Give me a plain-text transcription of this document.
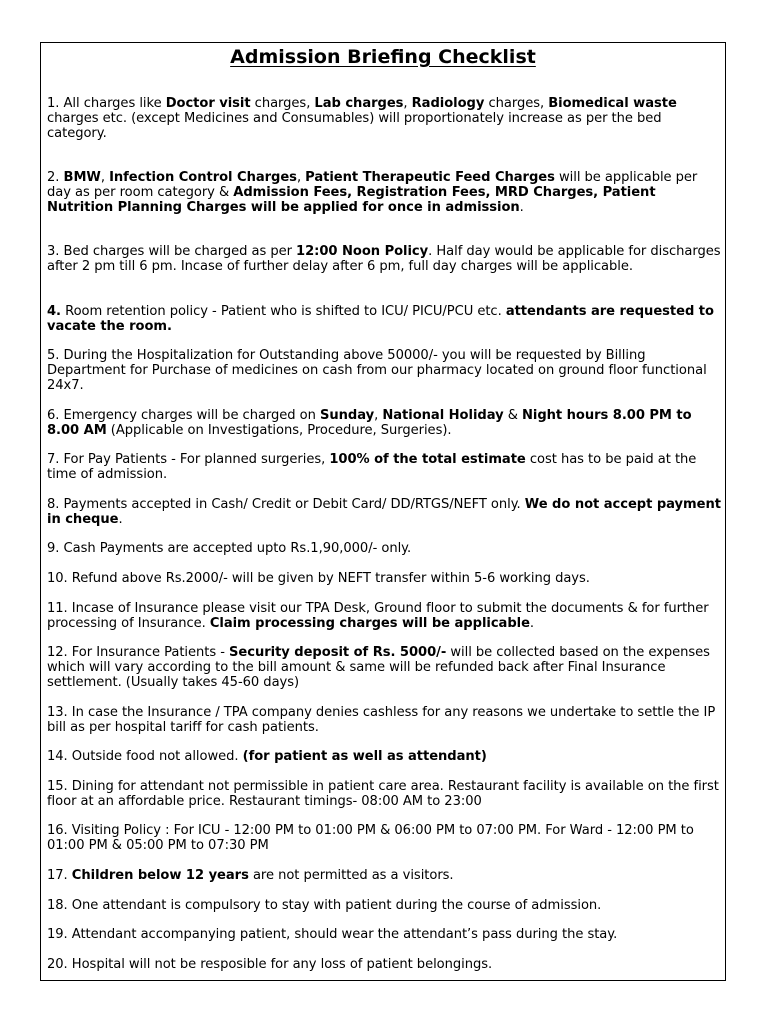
Admission Briefing Checklist
1. All charges like Doctor visit charges, Lab charges, Radiology charges, Biomedical waste charges etc. (except Medicines and Consumables) will proportionately increase as per the bed category.
2. BMW, Infection Control Charges, Patient Therapeutic Feed Charges will be applicable per day as per room category & Admission Fees, Registration Fees, MRD Charges, Patient Nutrition Planning Charges will be applied for once in admission.
3. Bed charges will be charged as per 12:00 Noon Policy. Half day would be applicable for discharges after 2 pm till 6 pm. Incase of further delay after 6 pm, full day charges will be applicable.
4. Room retention policy - Patient who is shifted to ICU/ PICU/PCU etc. attendants are requested to vacate the room.
5. During the Hospitalization for Outstanding above 50000/- you will be requested by Billing Department for Purchase of medicines on cash from our pharmacy located on ground floor functional 24x7.
6. Emergency charges will be charged on Sunday, National Holiday & Night hours 8.00 PM to 8.00 AM (Applicable on Investigations, Procedure, Surgeries).
7. For Pay Patients - For planned surgeries, 100% of the total estimate cost has to be paid at the time of admission.
8. Payments accepted in Cash/ Credit or Debit Card/ DD/RTGS/NEFT only. We do not accept payment in cheque.
9. Cash Payments are accepted upto Rs.1,90,000/- only.
10. Refund above Rs.2000/- will be given by NEFT transfer within 5-6 working days.
11. Incase of Insurance please visit our TPA Desk, Ground floor to submit the documents & for further processing of Insurance. Claim processing charges will be applicable.
12. For Insurance Patients - Security deposit of Rs. 5000/- will be collected based on the expenses which will vary according to the bill amount & same will be refunded back after Final Insurance settlement. (Usually takes 45-60 days)
13. In case the Insurance / TPA company denies cashless for any reasons we undertake to settle the IP bill as per hospital tariff for cash patients.
14. Outside food not allowed. (for patient as well as attendant)
15. Dining for attendant not permissible in patient care area. Restaurant facility is available on the first floor at an affordable price. Restaurant timings- 08:00 AM to 23:00
16. Visiting Policy : For ICU - 12:00 PM to 01:00 PM & 06:00 PM to 07:00 PM. For Ward - 12:00 PM to 01:00 PM & 05:00 PM to 07:30 PM
17. Children below 12 years are not permitted as a visitors.
18. One attendant is compulsory to stay with patient during the course of admission.
19. Attendant accompanying patient, should wear the attendant’s pass during the stay.
20. Hospital will not be resposible for any loss of patient belongings.
